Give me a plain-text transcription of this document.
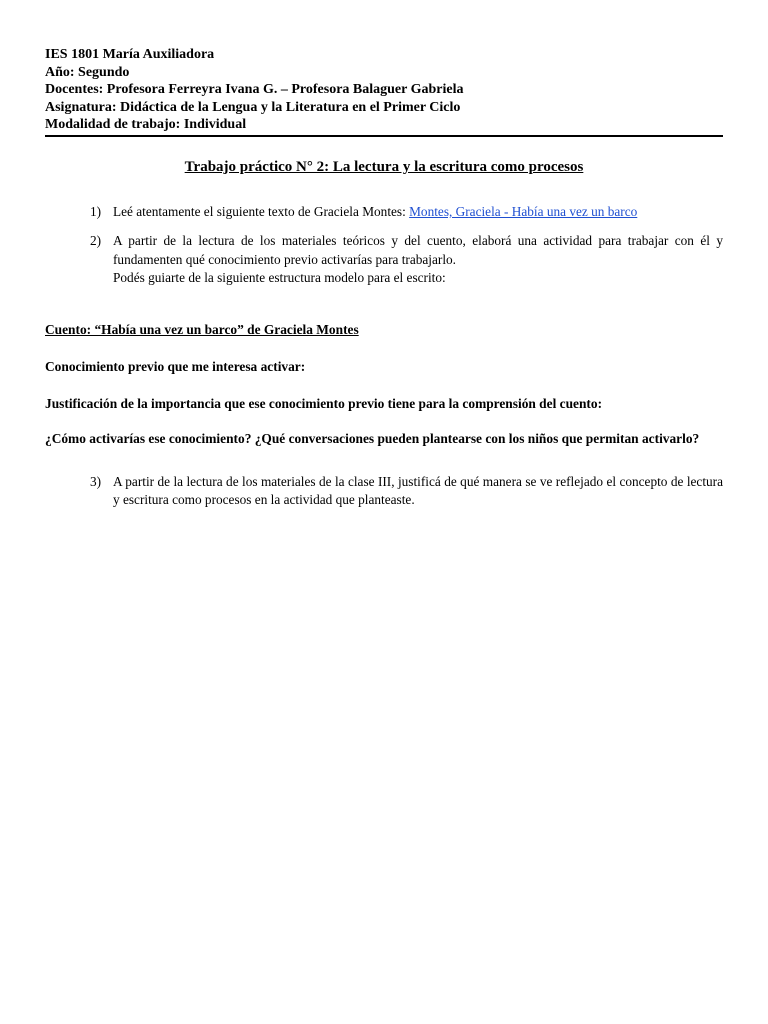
IES 1801 María Auxiliadora
Año: Segundo
Docentes: Profesora Ferreyra Ivana G. – Profesora Balaguer Gabriela
Asignatura: Didáctica de la Lengua y la Literatura en el Primer Ciclo
Modalidad de trabajo: Individual
Trabajo práctico N° 2: La lectura y la escritura como procesos
1) Leé atentamente el siguiente texto de Graciela Montes: Montes, Graciela - Había una vez un barco
2) A partir de la lectura de los materiales teóricos y del cuento, elaborá una actividad para trabajar con él y fundamenten qué conocimiento previo activarías para trabajarlo.
Podés guiarte de la siguiente estructura modelo para el escrito:
Cuento: “Había una vez un barco” de Graciela Montes
Conocimiento previo que me interesa activar:
Justificación de la importancia que ese conocimiento previo tiene para la comprensión del cuento:
¿Cómo activarías ese conocimiento? ¿Qué conversaciones pueden plantearse con los niños que permitan activarlo?
3) A partir de la lectura de los materiales de la clase III, justificá de qué manera se ve reflejado el concepto de lectura y escritura como procesos en la actividad que planteaste.
